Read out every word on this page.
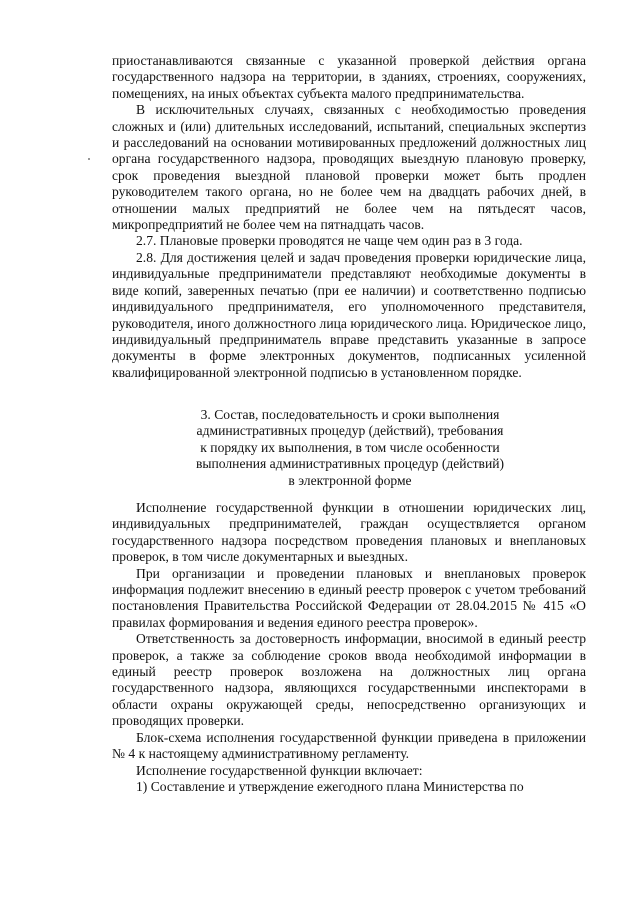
приостанавливаются связанные с указанной проверкой действия органа государственного надзора на территории, в зданиях, строениях, сооружениях, помещениях, на иных объектах субъекта малого предпринимательства.

В исключительных случаях, связанных с необходимостью проведения сложных и (или) длительных исследований, испытаний, специальных экспертиз и расследований на основании мотивированных предложений должностных лиц органа государственного надзора, проводящих выездную плановую проверку, срок проведения выездной плановой проверки может быть продлен руководителем такого органа, но не более чем на двадцать рабочих дней, в отношении малых предприятий не более чем на пятьдесят часов, микропредприятий не более чем на пятнадцать часов.

2.7. Плановые проверки проводятся не чаще чем один раз в 3 года.

2.8. Для достижения целей и задач проведения проверки юридические лица, индивидуальные предприниматели представляют необходимые документы в виде копий, заверенных печатью (при ее наличии) и соответственно подписью индивидуального предпринимателя, его уполномоченного представителя, руководителя, иного должностного лица юридического лица. Юридическое лицо, индивидуальный предприниматель вправе представить указанные в запросе документы в форме электронных документов, подписанных усиленной квалифицированной электронной подписью в установленном порядке.

3. Состав, последовательность и сроки выполнения
административных процедур (действий), требования
к порядку их выполнения, в том числе особенности
выполнения административных процедур (действий)
в электронной форме

Исполнение государственной функции в отношении юридических лиц, индивидуальных предпринимателей, граждан осуществляется органом государственного надзора посредством проведения плановых и внеплановых проверок, в том числе документарных и выездных.

При организации и проведении плановых и внеплановых проверок информация подлежит внесению в единый реестр проверок с учетом требований постановления Правительства Российской Федерации от 28.04.2015 № 415 «О правилах формирования и ведения единого реестра проверок».

Ответственность за достоверность информации, вносимой в единый реестр проверок, а также за соблюдение сроков ввода необходимой информации в единый реестр проверок возложена на должностных лиц органа государственного надзора, являющихся государственными инспекторами в области охраны окружающей среды, непосредственно организующих и проводящих проверки.

Блок-схема исполнения государственной функции приведена в приложении № 4 к настоящему административному регламенту.

Исполнение государственной функции включает:

1) Составление и утверждение ежегодного плана Министерства по
